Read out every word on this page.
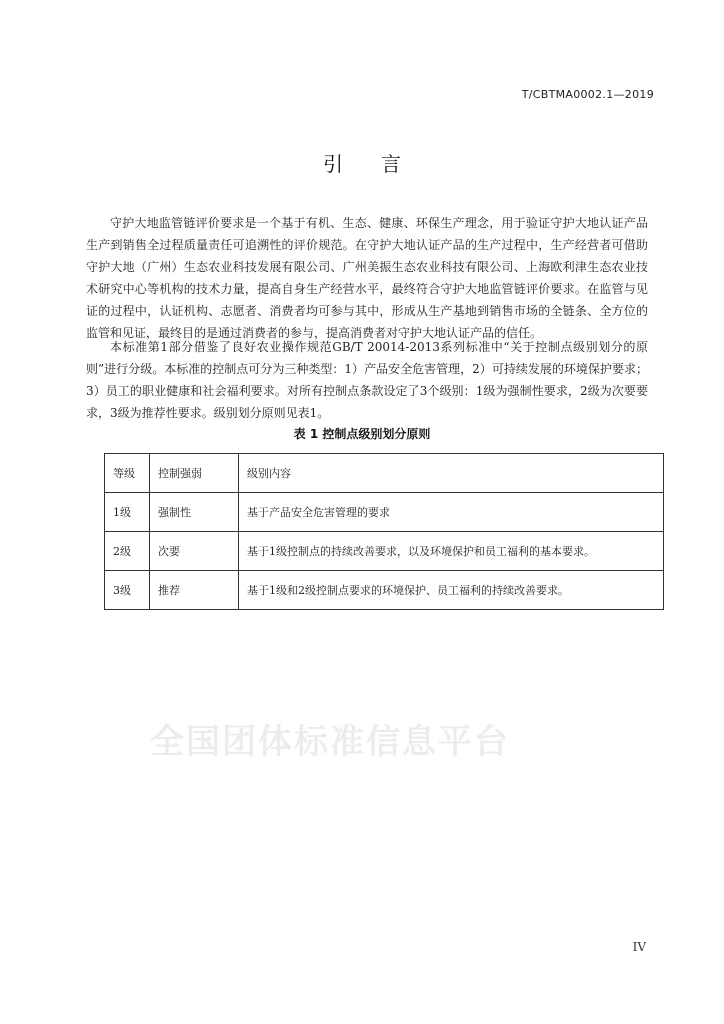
T/CBTMA0002.1—2019
引言

守护大地监管链评价要求是一个基于有机、生态、健康、环保生产理念，用于验证守护大地认证产品生产到销售全过程质量责任可追溯性的评价规范。在守护大地认证产品的生产过程中，生产经营者可借助守护大地（广州）生态农业科技发展有限公司、广州美振生态农业科技有限公司、上海欧利津生态农业技术研究中心等机构的技术力量，提高自身生产经营水平，最终符合守护大地监管链评价要求。在监管与见证的过程中，认证机构、志愿者、消费者均可参与其中，形成从生产基地到销售市场的全链条、全方位的监管和见证，最终目的是通过消费者的参与，提高消费者对守护大地认证产品的信任。

本标准第1部分借鉴了良好农业操作规范GB/T 20014-2013系列标准中“关于控制点级别划分的原则”进行分级。本标准的控制点可分为三种类型：1）产品安全危害管理，2）可持续发展的环境保护要求；3）员工的职业健康和社会福利要求。对所有控制点条款设定了3个级别：1级为强制性要求，2级为次要要求，3级为推荐性要求。级别划分原则见表1。

表 1 控制点级别划分原则
等级	控制强弱	级别内容
1级	强制性	基于产品安全危害管理的要求
2级	次要	基于1级控制点的持续改善要求，以及环境保护和员工福利的基本要求。
3级	推荐	基于1级和2级控制点要求的环境保护、员工福利的持续改善要求。
全国团体标准信息平台
IV
